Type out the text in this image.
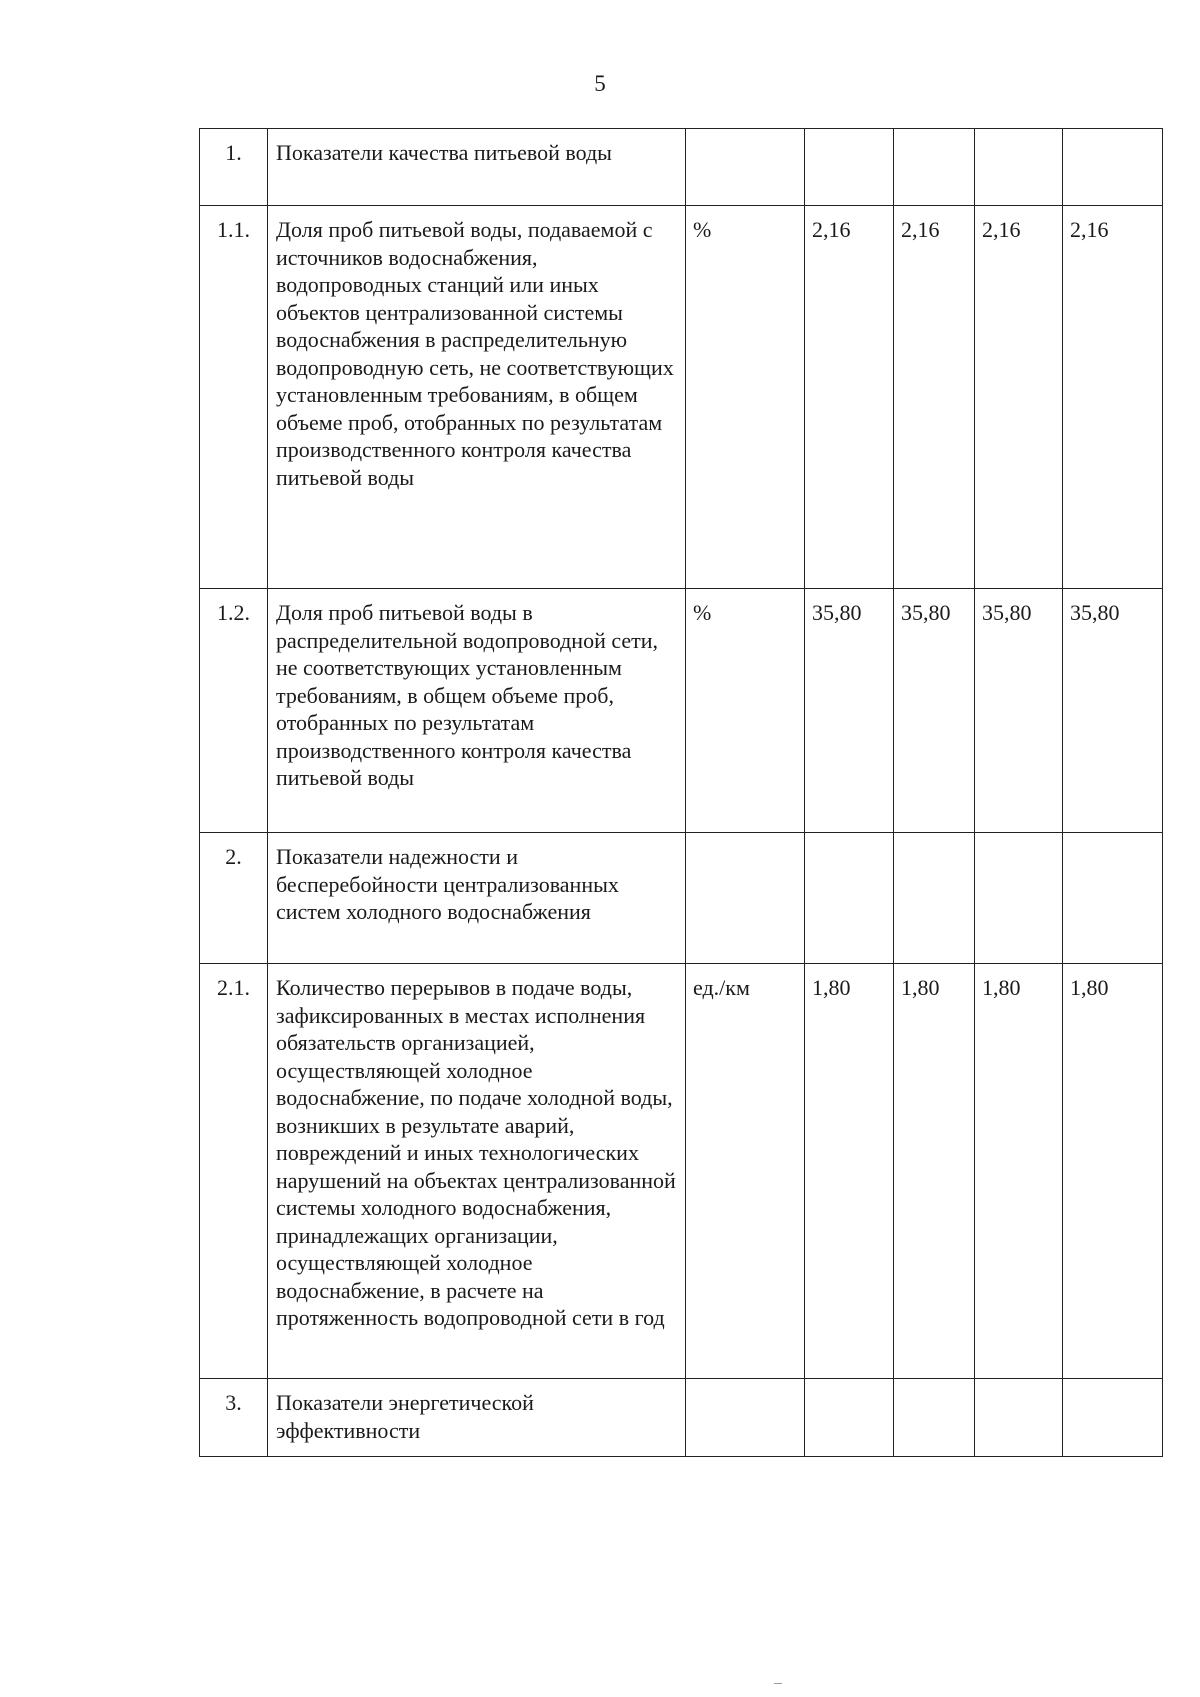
5
1.	Показатели качества питьевой воды					

1.1.	Доля проб питьевой воды, подаваемой с источников водоснабжения, водопроводных станций или иных объектов централизованной системы водоснабжения в распределительную водопроводную сеть, не соответствующих установленным требованиям, в общем объеме проб, отобранных по результатам производственного контроля качества питьевой воды	%	2,16	2,16	2,16	2,16

1.2.	Доля проб питьевой воды в распределительной водопроводной сети, не соответствующих установленным требованиям, в общем объеме проб, отобранных по результатам производственного контроля качества питьевой воды	%	35,80	35,80	35,80	35,80

2.	Показатели надежности и бесперебойности централизованных систем холодного водоснабжения					

2.1.	Количество перерывов в подаче воды, зафиксированных в местах исполнения обязательств организацией, осуществляющей холодное водоснабжение, по подаче холодной воды, возникших в результате аварий, повреждений и иных технологических нарушений на объектах централизованной системы холодного водоснабжения, принадлежащих организации, осуществляющей холодное водоснабжение, в расчете на протяженность водопроводной сети в год	ед./км	1,80	1,80	1,80	1,80

3.	Показатели энергетической эффективности					
